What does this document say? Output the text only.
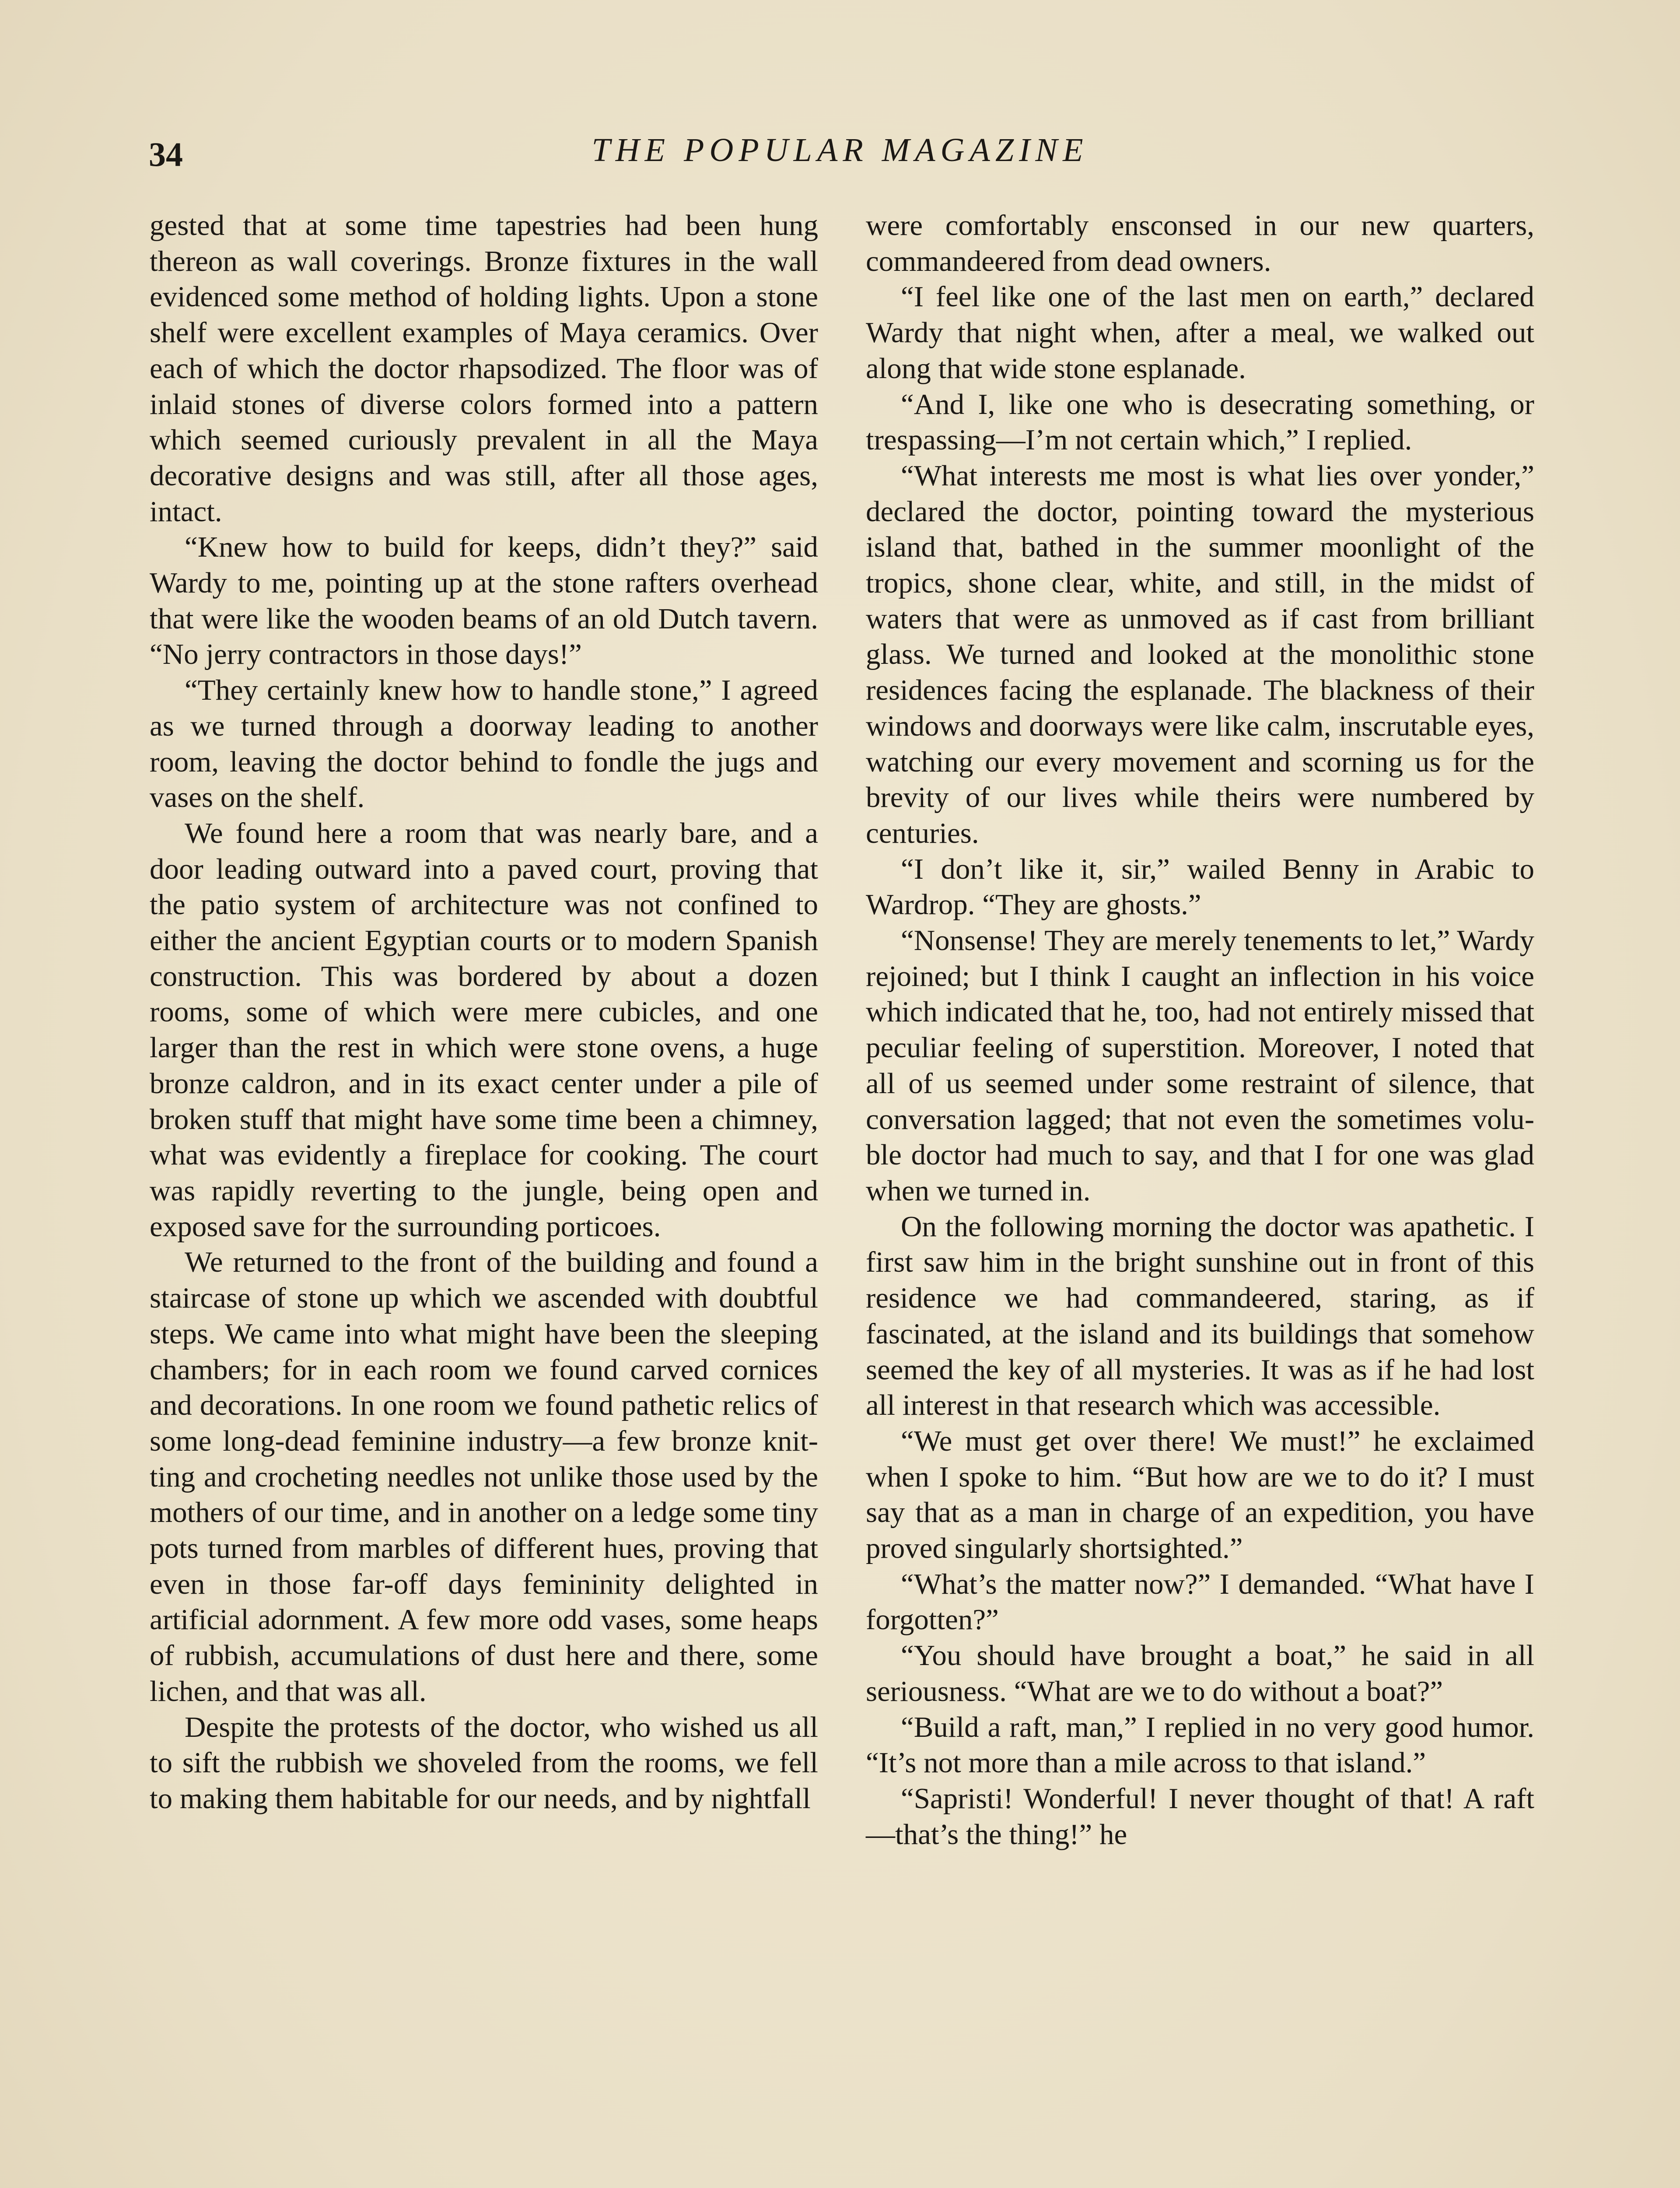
34	THE POPULAR MAGAZINE

gested that at some time tapestries had been hung thereon as wall coverings. Bronze fixtures in the wall evidenced some method of holding lights. Upon a stone shelf were excellent examples of Maya ceramics. Over each of which the doctor rhapsodized. The floor was of inlaid stones of diverse colors formed into a pattern which seemed curiously prevalent in all the Maya decorative designs and was still, after all those ages, intact.

“Knew how to build for keeps, didn’t they?” said Wardy to me, pointing up at the stone rafters overhead that were like the wooden beams of an old Dutch tavern. “No jerry contractors in those days!”

“They certainly knew how to handle stone,” I agreed as we turned through a doorway leading to another room, leaving the doctor behind to fondle the jugs and vases on the shelf.

We found here a room that was nearly bare, and a door leading outward into a paved court, proving that the patio system of architecture was not confined to either the ancient Egyptian courts or to modern Spanish construction. This was bordered by about a dozen rooms, some of which were mere cubicles, and one larger than the rest in which were stone ovens, a huge bronze caldron, and in its exact center under a pile of broken stuff that might have some time been a chimney, what was evidently a fireplace for cooking. The court was rapidly reverting to the jungle, being open and exposed save for the surrounding porticoes.

We returned to the front of the building and found a staircase of stone up which we ascended with doubtful steps. We came into what might have been the sleeping chambers; for in each room we found carved cornices and decorations. In one room we found pathetic relics of some long-dead feminine industry—a few bronze knitting and crocheting needles not unlike those used by the mothers of our time, and in another on a ledge some tiny pots turned from marbles of different hues, proving that even in those far-off days femininity delighted in artificial adornment. A few more odd vases, some heaps of rubbish, accumulations of dust here and there, some lichen, and that was all.

Despite the protests of the doctor, who wished us all to sift the rubbish we shoveled from the rooms, we fell to making them habitable for our needs, and by nightfall

were comfortably ensconsed in our new quarters, commandeered from dead owners.

“I feel like one of the last men on earth,” declared Wardy that night when, after a meal, we walked out along that wide stone esplanade.

“And I, like one who is desecrating something, or trespassing—I’m not certain which,” I replied.

“What interests me most is what lies over yonder,” declared the doctor, pointing toward the mysterious island that, bathed in the summer moonlight of the tropics, shone clear, white, and still, in the midst of waters that were as unmoved as if cast from brilliant glass. We turned and looked at the monolithic stone residences facing the esplanade. The blackness of their windows and doorways were like calm, inscrutable eyes, watching our every movement and scorning us for the brevity of our lives while theirs were numbered by centuries.

“I don’t like it, sir,” wailed Benny in Arabic to Wardrop. “They are ghosts.”

“Nonsense! They are merely tenements to let,” Wardy rejoined; but I think I caught an inflection in his voice which indicated that he, too, had not entirely missed that peculiar feeling of superstition. Moreover, I noted that all of us seemed under some restraint of silence, that conversation lagged; that not even the sometimes voluble doctor had much to say, and that I for one was glad when we turned in.

On the following morning the doctor was apathetic. I first saw him in the bright sunshine out in front of this residence we had commandeered, staring, as if fascinated, at the island and its buildings that somehow seemed the key of all mysteries. It was as if he had lost all interest in that research which was accessible.

“We must get over there! We must!” he exclaimed when I spoke to him. “But how are we to do it? I must say that as a man in charge of an expedition, you have proved singularly shortsighted.”

“What’s the matter now?” I demanded. “What have I forgotten?”

“You should have brought a boat,” he said in all seriousness. “What are we to do without a boat?”

“Build a raft, man,” I replied in no very good humor. “It’s not more than a mile across to that island.”

“Sapristi! Wonderful! I never thought of that! A raft—that’s the thing!” he
